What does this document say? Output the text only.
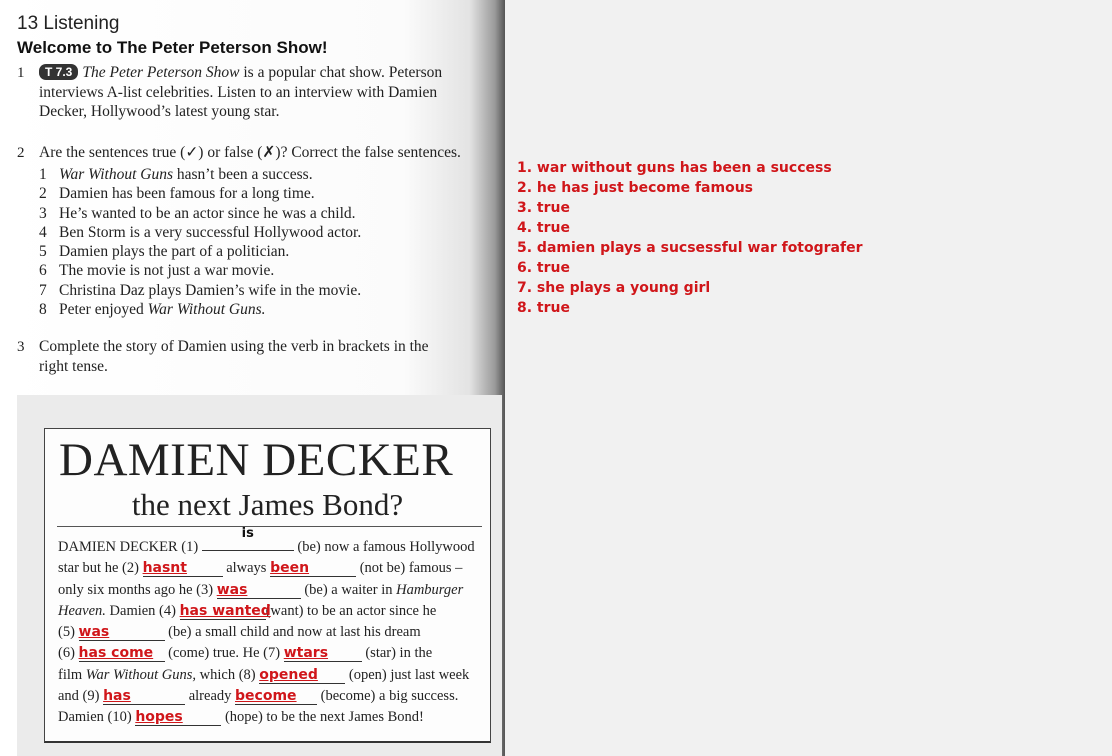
13 Listening
Welcome to The Peter Peterson Show!
1	T 7.3 The Peter Peterson Show is a popular chat show. Peterson
interviews A-list celebrities. Listen to an interview with Damien
Decker, Hollywood’s latest young star.
2 Are the sentences true (✓) or false (✗)? Correct the false sentences.
1 War Without Guns hasn’t been a success.
2 Damien has been famous for a long time.
3 He’s wanted to be an actor since he was a child.
4 Ben Storm is a very successful Hollywood actor.
5 Damien plays the part of a politician.
6 The movie is not just a war movie.
7 Christina Daz plays Damien’s wife in the movie.
8 Peter enjoyed War Without Guns.
3 Complete the story of Damien using the verb in brackets in the
right tense.
DAMIEN DECKER
the next James Bond?
DAMIEN DECKER (1)
is
(be) now a famous Hollywood
star but he (2) hasnt always been	(not be) famous –
only six months ago he (3) was	(be) a waiter in Hamburger
Heaven. Damien (4) has wanted(want) to be an actor since he
(5) was	(be) a small child and now at last his dream
(6) has come (come) true. He (7) wtars (star) in the
film War Without Guns, which (8) opened (open) just last week
and (9) has	already become (become) a big success.
Damien (10) hopes	(hope) to be the next James Bond!
1. war without guns has been a success
2. he has just become famous
3. true
4. true
5. damien plays a sucsessful war fotografer
6. true
7. she plays a young girl
8. true
